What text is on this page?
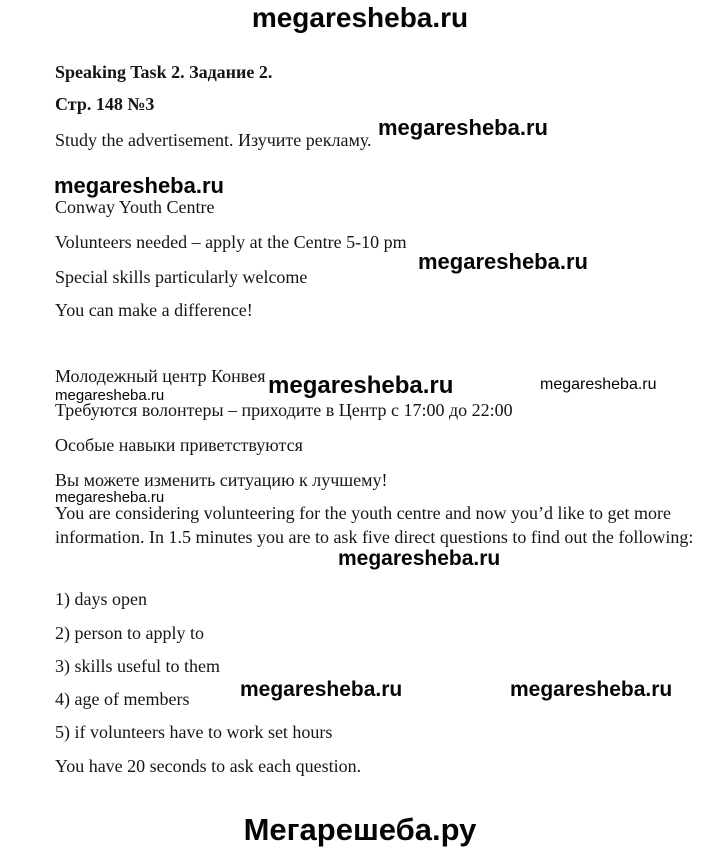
megaresheba.ru
megaresheba.ru
megaresheba.ru
megaresheba.ru
megaresheba.ru	megaresheba.ru	megaresheba.ru
megaresheba.ru
megaresheba.ru
megaresheba.ru	megaresheba.ru
Speaking Task 2. Задание 2.
Стр. 148 №3
Study the advertisement. Изучите рекламу.
Conway Youth Centre
Volunteers needed – apply at the Centre 5-10 pm
Special skills particularly welcome
You can make a difference!
Молодежный центр Конвея
Требуются волонтеры – приходите в Центр с 17:00 до 22:00
Особые навыки приветствуются
Вы можете изменить ситуацию к лучшему!
You are considering volunteering for the youth centre and now you’d like to get more information. In 1.5 minutes you are to ask five direct questions to find out the following:
1) days open
2) person to apply to
3) skills useful to them
4) age of members
5) if volunteers have to work set hours
You have 20 seconds to ask each question.
Мегарешеба.ру
